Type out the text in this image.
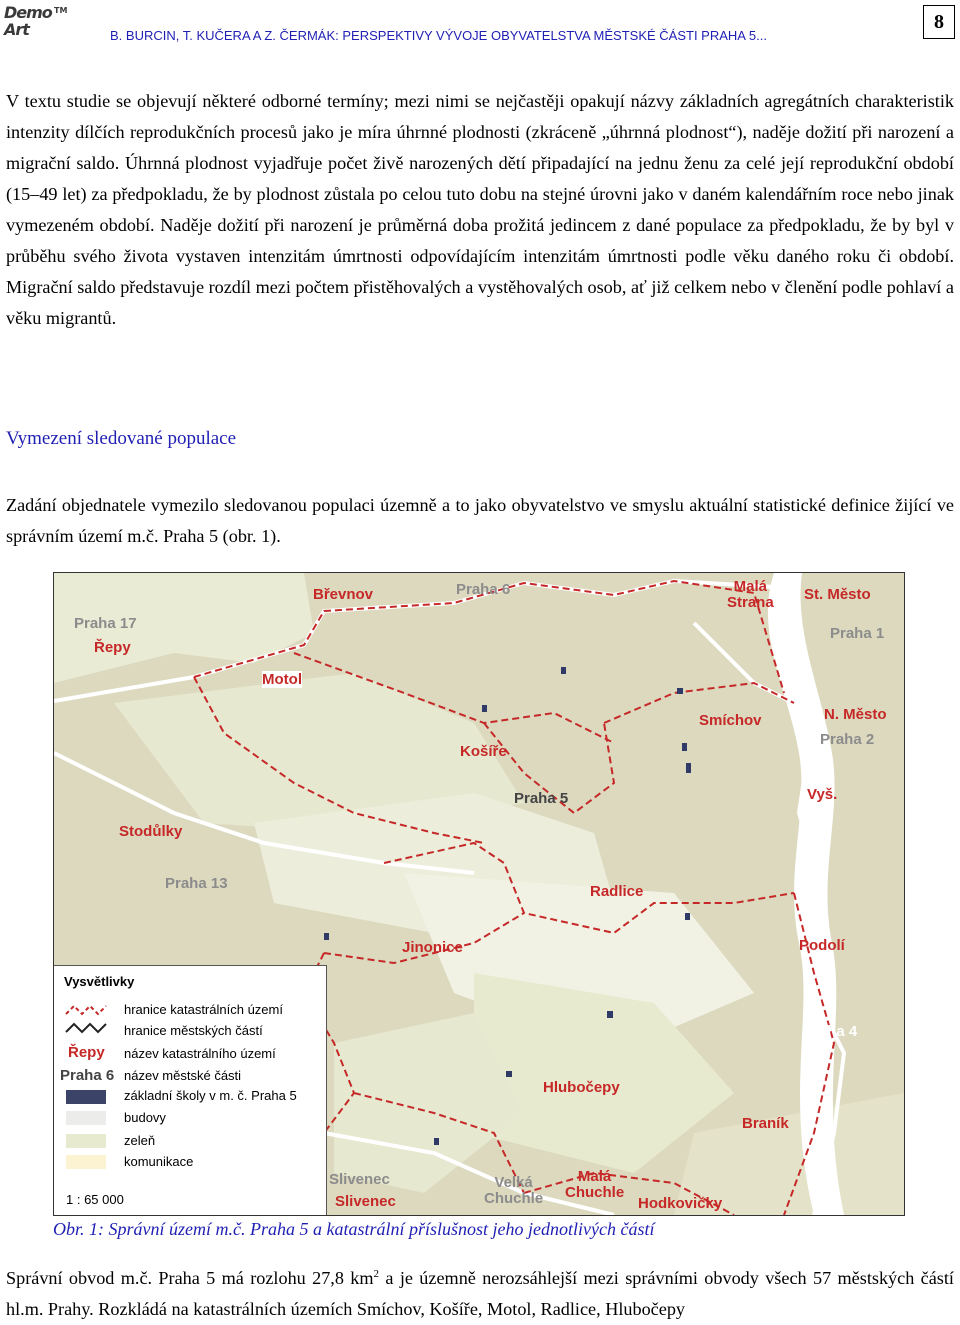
Demo
Art
TM
B. BURCIN, T. KUČERA A Z. ČERMÁK: PERSPEKTIVY VÝVOJE OBYVATELSTVA MĚSTSKÉ ČÁSTI PRAHA 5...
8

V textu studie se objevují některé odborné termíny; mezi nimi se nejčastěji opakují názvy základních agregátních charakteristik intenzity dílčích reprodukčních procesů jako je míra úhrnné plodnosti (zkráceně „úhrnná plodnost“), naděje dožití při narození a migrační saldo. Úhrnná plodnost vyjadřuje počet živě narozených dětí připadající na jednu ženu za celé její reprodukční období (15–49 let) za předpokladu, že by plodnost zůstala po celou tuto dobu na stejné úrovni jako v daném kalendářním roce nebo jinak vymezeném období. Naděje dožití při narození je průměrná doba prožitá jedincem z dané populace za předpokladu, že by byl v průběhu svého života vystaven intenzitám úmrtnosti odpovídajícím intenzitám úmrtnosti podle věku daného roku či období. Migrační saldo představuje rozdíl mezi počtem přistěhovalých a vystěhovalých osob, ať již celkem nebo v členění podle pohlaví a věku migrantů.

Vymezení sledované populace

Zadání objednatele vymezilo sledovanou populaci územně a to jako obyvatelstvo ve smyslu aktuální statistické definice žijící ve správním území m.č. Praha 5 (obr. 1).

Praha 6
Praha 17
Praha 1
Praha 2
Praha 5
Praha 13
Praha 4
Slivenec
Břevnov	Malá
Strana St. Město
Řepy
Motol
Smíchov	N. Město
Košíře
Vyš.
Stodůlky
Radlice
Jinonice	Podolí
Hlubočepy
Braník
Slivenec
Malá
Chuchle
Hodkovičky
Velká
Chuchle
Vysvětlivky
hranice katastrálních území
hranice městských částí
Řepy název katastrálního území
Praha 6 název městské části
základní školy v m. č. Praha 5
budovy
zeleň
komunikace
1 : 65 000
Obr. 1: Správní území m.č. Praha 5 a katastrální příslušnost jeho jednotlivých částí

Správní obvod m.č. Praha 5 má rozlohu 27,8 $km^2$ a je územně nerozsáhlejší mezi správními obvody všech 57 městských částí hl.m. Prahy. Rozkládá na katastrálních územích Smíchov, Košíře, Motol, Radlice, Hlubočepy
